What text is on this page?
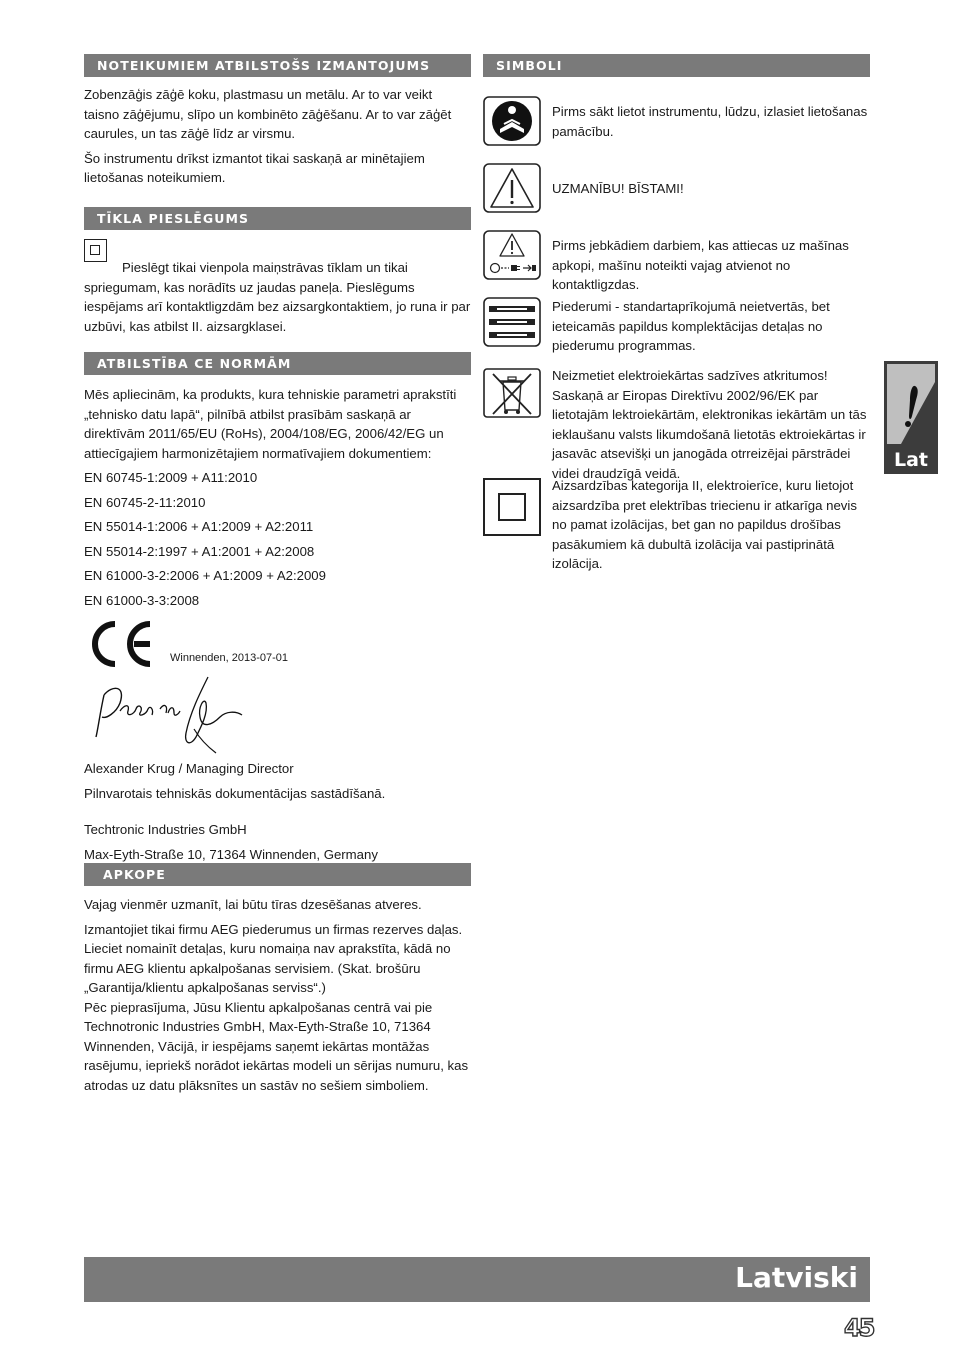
NOTEIKUMIEM ATBILSTOŠS IZMANTOJUMS

Zobenzāģis zāģē koku, plastmasu un metālu. Ar to var veikt taisno zāģējumu, slīpo un kombinēto zāģēšanu. Ar to var zāģēt caurules, un tas zāģē līdz ar virsmu.

Šo instrumentu drīkst izmantot tikai saskaņā ar minētajiem lietošanas noteikumiem.

TĪKLA PIESLĒGUMS

Pieslēgt tikai vienpola maiņstrāvas tīklam un tikai spriegumam, kas norādīts uz jaudas paneļa. Pieslēgums iespējams arī kontaktligzdām bez aizsargkontaktiem, jo runa ir par uzbūvi, kas atbilst II. aizsargklasei.

ATBILSTĪBA CE NORMĀM

Mēs apliecinām, ka produkts, kura tehniskie parametri aprakstīti „tehnisko datu lapā“, pilnībā atbilst prasībām saskaņā ar direktīvām 2011/65/EU (RoHs), 2004/108/EG, 2006/42/EG un attiecīgajiem harmonizētajiem normatīvajiem dokumentiem:

EN 60745-1:2009 + A11:2010
EN 60745-2-11:2010
EN 55014-1:2006 + A1:2009 + A2:2011
EN 55014-2:1997 + A1:2001 + A2:2008
EN 61000-3-2:2006 + A1:2009 + A2:2009
EN 61000-3-3:2008
Winnenden, 2013-07-01
Alexander Krug / Managing Director
Pilnvarotais tehniskās dokumentācijas sastādīšanā.
Techtronic Industries GmbH
Max-Eyth-Straße 10, 71364 Winnenden, Germany
APKOPE

Vajag vienmēr uzmanīt, lai būtu tīras dzesēšanas atveres.

Izmantojiet tikai firmu AEG piederumus un firmas rezerves daļas. Lieciet nomainīt detaļas, kuru nomaiņa nav aprakstīta, kādā no firmu AEG klientu apkalpošanas servisiem. (Skat. brošūru „Garantija/klientu apkalpošanas serviss“.)

Pēc pieprasījuma, Jūsu Klientu apkalpošanas centrā vai pie Technotronic Industries GmbH, Max-Eyth-Straße 10, 71364 Winnenden, Vācijā, ir iespējams saņemt iekārtas montāžas rasējumu, iepriekš norādot iekārtas modeli un sērijas numuru, kas atrodas uz datu plāksnītes un sastāv no sešiem simboliem.

SIMBOLI

Pirms sākt lietot instrumentu, lūdzu, izlasiet lietošanas pamācību.

UZMANĪBU! BĪSTAMI!

Pirms jebkādiem darbiem, kas attiecas uz mašīnas apkopi, mašīnu noteikti vajag atvienot no kontaktligzdas.

Piederumi - standartaprīkojumā neietvertās, bet ieteicamās papildus komplektācijas detaļas no piederumu programmas.

Neizmetiet elektroiekārtas sadzīves atkritumos! Saskaņā ar Eiropas Direktīvu 2002/96/EK par lietotajām lektroiekārtām, elektronikas iekārtām un tās ieklaušanu valsts likumdošanā lietotās ektroiekārtas ir jasavāc atsevišķi un janogāda otrreizējai pārstrādei videi draudzīgā veidā.

Aizsardzības kategorija II, elektroierīce, kuru lietojot aizsardzība pret elektrības triecienu ir atkarīga nevis no pamat izolācijas, bet gan no papildus drošības pasākumiem kā dubultā izolācija vai pastiprinātā izolācija.

Lat
Latviski
45
